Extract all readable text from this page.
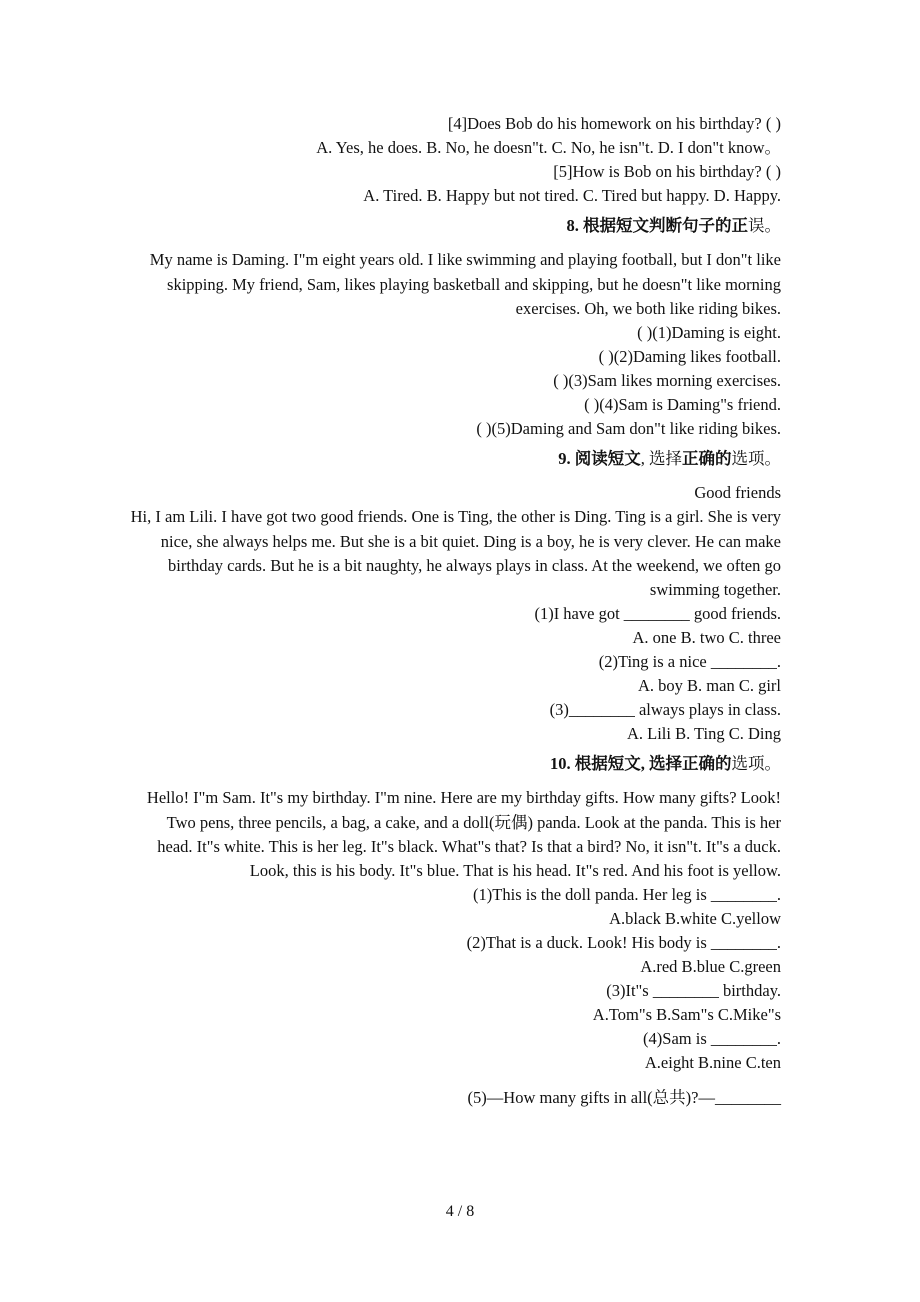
[4]Does Bob do his homework on his birthday? ( )
A. Yes, he does. B. No, he doesn"t. C. No, he isn"t. D. I don"t know。
[5]How is Bob on his birthday? ( )
A. Tired. B. Happy but not tired. C. Tired but happy. D. Happy.
8. 根据短文判断句子的正误。
My name is Daming. I"m eight years old. I like swimming and playing football, but I don"t like skipping. My friend, Sam, likes playing basketball and skipping, but he doesn"t like morning exercises. Oh, we both like riding bikes.
( )(1)Daming is eight.
( )(2)Daming likes football.
( )(3)Sam likes morning exercises.
( )(4)Sam is Daming"s friend.
( )(5)Daming and Sam don"t like riding bikes.
9. 阅读短文, 选择正确的选项。
Good friends
Hi, I am Lili. I have got two good friends. One is Ting, the other is Ding. Ting is a girl. She is very nice, she always helps me. But she is a bit quiet. Ding is a boy, he is very clever. He can make birthday cards. But he is a bit naughty, he always plays in class. At the weekend, we often go swimming together.
(1)I have got ________ good friends.
A. one B. two C. three
(2)Ting is a nice ________.
A. boy B. man C. girl
(3)________ always plays in class.
A. Lili B. Ting C. Ding
10. 根据短文, 选择正确的选项。
Hello! I"m Sam. It"s my birthday. I"m nine. Here are my birthday gifts. How many gifts? Look! Two pens, three pencils, a bag, a cake, and a doll(玩偶) panda. Look at the panda. This is her head. It"s white. This is her leg. It"s black. What"s that? Is that a bird? No, it isn"t. It"s a duck. Look, this is his body. It"s blue. That is his head. It"s red. And his foot is yellow.
(1)This is the doll panda. Her leg is ________.
A.black B.white C.yellow
(2)That is a duck. Look! His body is ________.
A.red B.blue C.green
(3)It"s ________ birthday.
A.Tom"s B.Sam"s C.Mike"s
(4)Sam is ________.
A.eight B.nine C.ten
(5)—How many gifts in all(总共)?—________
4 / 8
